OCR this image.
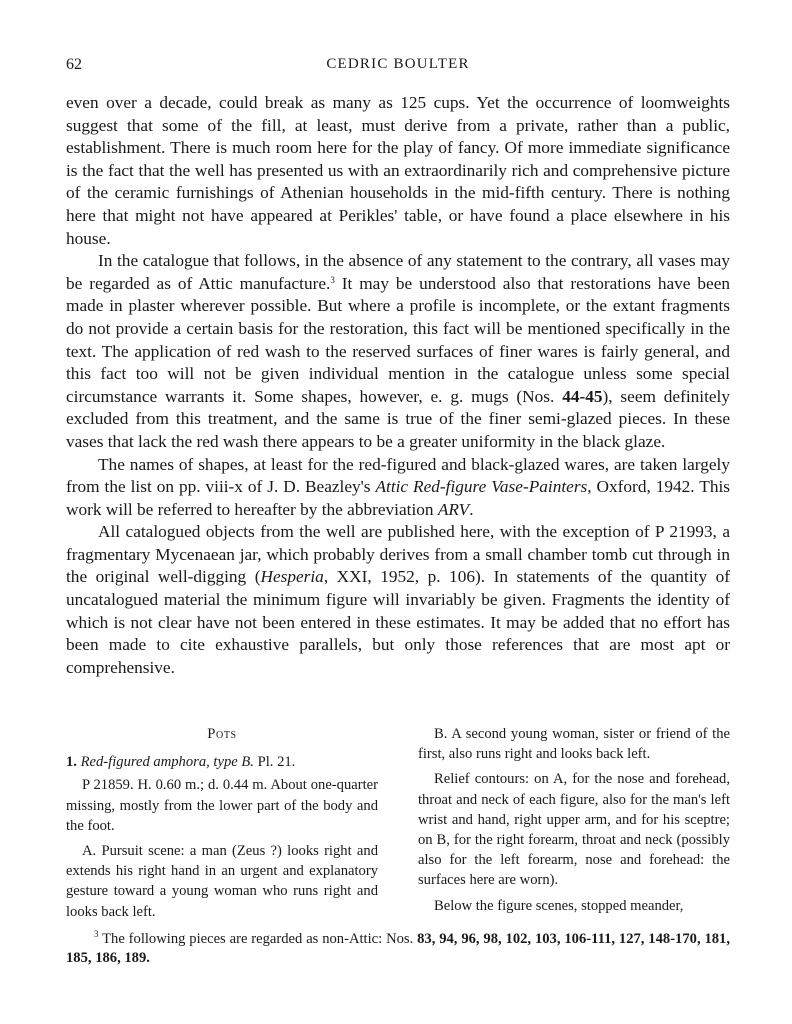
62	CEDRIC BOULTER

even over a decade, could break as many as 125 cups. Yet the occurrence of loomweights suggest that some of the fill, at least, must derive from a private, rather than a public, establishment. There is much room here for the play of fancy. Of more immediate significance is the fact that the well has presented us with an extraordinarily rich and comprehensive picture of the ceramic furnishings of Athenian households in the mid-fifth century. There is nothing here that might not have appeared at Perikles' table, or have found a place elsewhere in his house.

In the catalogue that follows, in the absence of any statement to the contrary, all vases may be regarded as of Attic manufacture.$^3$ It may be understood also that restorations have been made in plaster wherever possible. But where a profile is incomplete, or the extant fragments do not provide a certain basis for the restoration, this fact will be mentioned specifically in the text. The application of red wash to the reserved surfaces of finer wares is fairly general, and this fact too will not be given individual mention in the catalogue unless some special circumstance warrants it. Some shapes, however, e. g. mugs (Nos. 44-45), seem definitely excluded from this treatment, and the same is true of the finer semi-glazed pieces. In these vases that lack the red wash there appears to be a greater uniformity in the black glaze.

The names of shapes, at least for the red-figured and black-glazed wares, are taken largely from the list on pp. viii-x of J. D. Beazley's Attic Red-figure Vase-Painters, Oxford, 1942. This work will be referred to hereafter by the abbreviation ARV.

All catalogued objects from the well are published here, with the exception of P 21993, a fragmentary Mycenaean jar, which probably derives from a small chamber tomb cut through in the original well-digging (Hesperia, XXI, 1952, p. 106). In statements of the quantity of uncatalogued material the minimum figure will invariably be given. Fragments the identity of which is not clear have not been entered in these estimates. It may be added that no effort has been made to cite exhaustive parallels, but only those references that are most apt or comprehensive.

Pots

1. Red-figured amphora, type B. Pl. 21.

P 21859. H. 0.60 m.; d. 0.44 m. About one-quarter missing, mostly from the lower part of the body and the foot.

A. Pursuit scene: a man (Zeus ?) looks right and extends his right hand in an urgent and explanatory gesture toward a young woman who runs right and looks back left.

B. A second young woman, sister or friend of the first, also runs right and looks back left.

Relief contours: on A, for the nose and forehead, throat and neck of each figure, also for the man's left wrist and hand, right upper arm, and for his sceptre; on B, for the right forearm, throat and neck (possibly also for the left forearm, nose and forehead: the surfaces here are worn).

Below the figure scenes, stopped meander,

$^3$ The following pieces are regarded as non-Attic: Nos. 83, 94, 96, 98, 102, 103, 106-111, 127, 148-170, 181, 185, 186, 189.
